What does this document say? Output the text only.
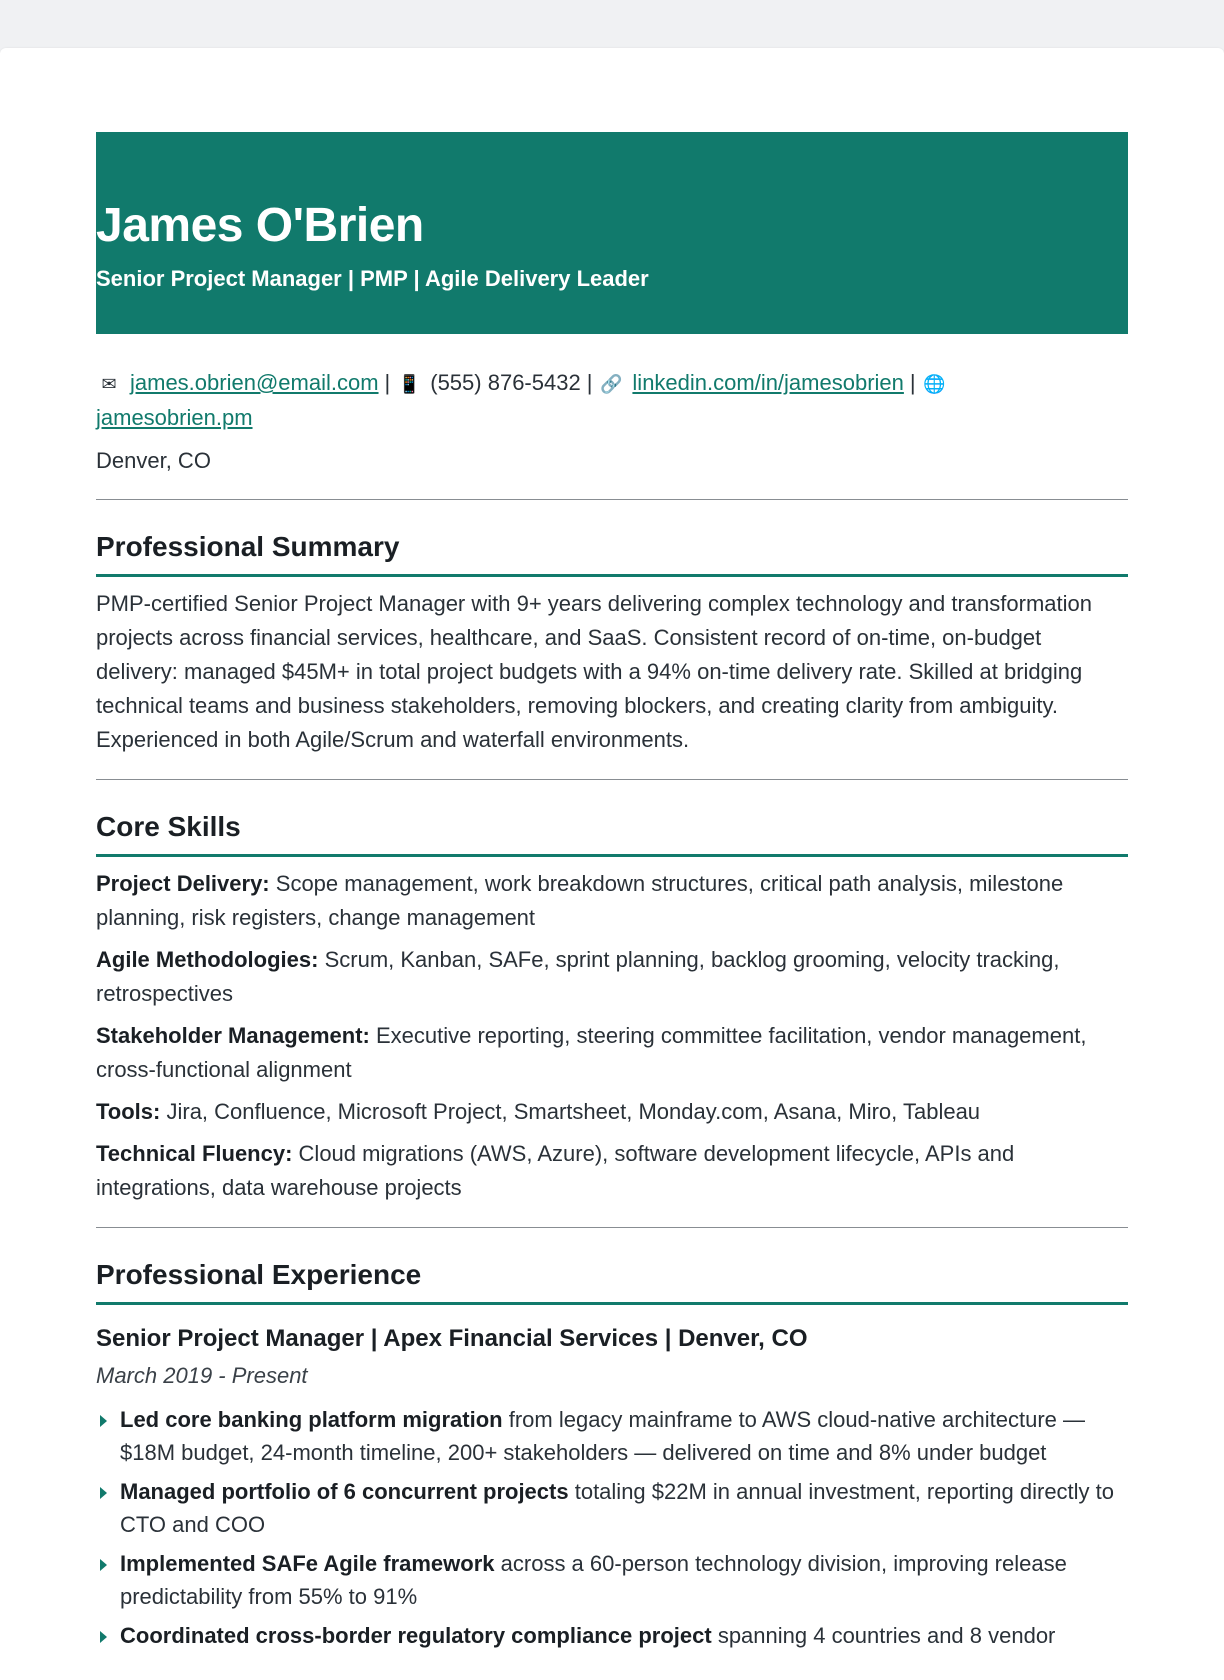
James O'Brien
Senior Project Manager | PMP | Agile Delivery Leader
✉ james.obrien@email.com | 📱 (555) 876-5432 | 🔗 linkedin.com/in/jamesobrien | 🌐
jamesobrien.pm
Denver, CO
Professional Summary
PMP-certified Senior Project Manager with 9+ years delivering complex technology and transformation projects across financial services, healthcare, and SaaS. Consistent record of on-time, on-budget delivery: managed $45M+ in total project budgets with a 94% on-time delivery rate. Skilled at bridging technical teams and business stakeholders, removing blockers, and creating clarity from ambiguity. Experienced in both Agile/Scrum and waterfall environments.
Core Skills
Project Delivery: Scope management, work breakdown structures, critical path analysis, milestone planning, risk registers, change management
Agile Methodologies: Scrum, Kanban, SAFe, sprint planning, backlog grooming, velocity tracking, retrospectives
Stakeholder Management: Executive reporting, steering committee facilitation, vendor management, cross-functional alignment
Tools: Jira, Confluence, Microsoft Project, Smartsheet, Monday.com, Asana, Miro, Tableau
Technical Fluency: Cloud migrations (AWS, Azure), software development lifecycle, APIs and integrations, data warehouse projects
Professional Experience
Senior Project Manager | Apex Financial Services | Denver, CO
March 2019 - Present
Led core banking platform migration from legacy mainframe to AWS cloud-native architecture — $18M budget, 24-month timeline, 200+ stakeholders — delivered on time and 8% under budget
Managed portfolio of 6 concurrent projects totaling $22M in annual investment, reporting directly to CTO and COO
Implemented SAFe Agile framework across a 60-person technology division, improving release predictability from 55% to 91%
Coordinated cross-border regulatory compliance project spanning 4 countries and 8 vendor
